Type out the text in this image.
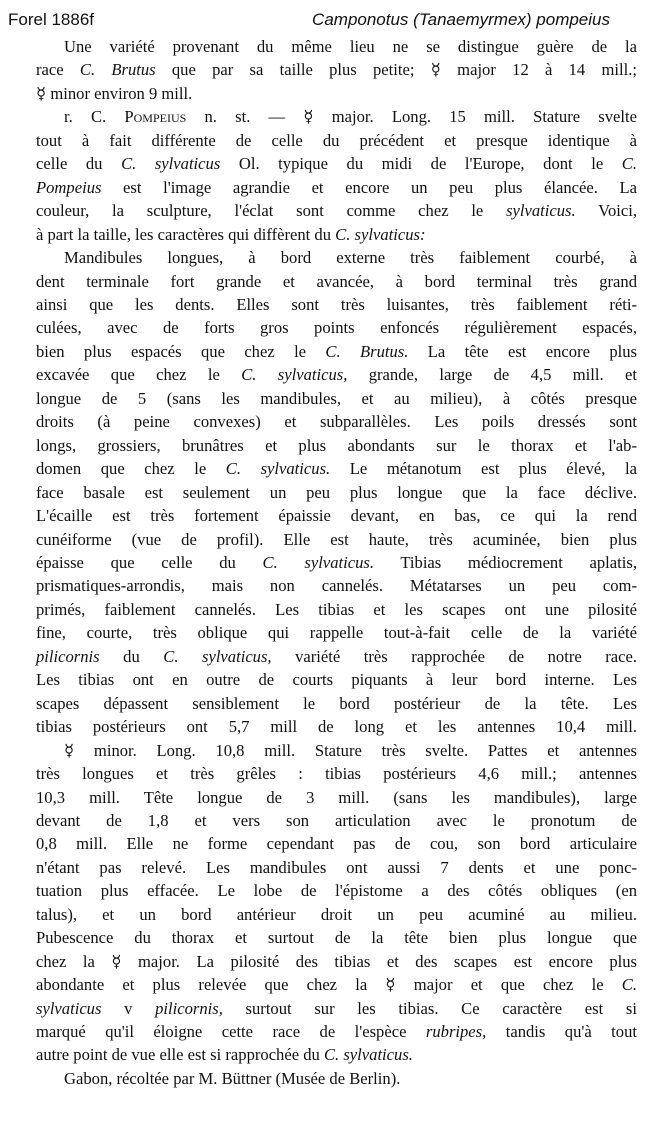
Forel 1886f	Camponotus (Tanaemyrmex) pompeius
Une variété provenant du même lieu ne se distingue guère de la
race C. Brutus que par sa taille plus petite; ☿ major 12 à 14 mill.;
☿ minor environ 9 mill.
r. C. Pompeius n. st. — ☿ major. Long. 15 mill. Stature svelte
tout à fait différente de celle du précédent et presque identique à
celle du C. sylvaticus Ol. typique du midi de l'Europe, dont le C.
Pompeius est l'image agrandie et encore un peu plus élancée. La
couleur, la sculpture, l'éclat sont comme chez le sylvaticus. Voici,
à part la taille, les caractères qui diffèrent du C. sylvaticus:
Mandibules longues, à bord externe très faiblement courbé, à
dent terminale fort grande et avancée, à bord terminal très grand
ainsi que les dents. Elles sont très luisantes, très faiblement réti-
culées, avec de forts gros points enfoncés régulièrement espacés,
bien plus espacés que chez le C. Brutus. La tête est encore plus
excavée que chez le C. sylvaticus, grande, large de 4,5 mill. et
longue de 5 (sans les mandibules, et au milieu), à côtés presque
droits (à peine convexes) et subparallèles. Les poils dressés sont
longs, grossiers, brunâtres et plus abondants sur le thorax et l'ab-
domen que chez le C. sylvaticus. Le métanotum est plus élevé, la
face basale est seulement un peu plus longue que la face déclive.
L'écaille est très fortement épaissie devant, en bas, ce qui la rend
cunéiforme (vue de profil). Elle est haute, très acuminée, bien plus
épaisse que celle du C. sylvaticus. Tibias médiocrement aplatis,
prismatiques-arrondis, mais non cannelés. Métatarses un peu com-
primés, faiblement cannelés. Les tibias et les scapes ont une pilosité
fine, courte, très oblique qui rappelle tout-à-fait celle de la variété
pilicornis du C. sylvaticus, variété très rapprochée de notre race.
Les tibias ont en outre de courts piquants à leur bord interne. Les
scapes dépassent sensiblement le bord postérieur de la tête. Les
tibias postérieurs ont 5,7 mill de long et les antennes 10,4 mill.
☿ minor. Long. 10,8 mill. Stature très svelte. Pattes et antennes
très longues et très grêles : tibias postérieurs 4,6 mill.; antennes
10,3 mill. Tête longue de 3 mill. (sans les mandibules), large
devant de 1,8 et vers son articulation avec le pronotum de
0,8 mill. Elle ne forme cependant pas de cou, son bord articulaire
n'étant pas relevé. Les mandibules ont aussi 7 dents et une ponc-
tuation plus effacée. Le lobe de l'épistome a des côtés obliques (en
talus), et un bord antérieur droit un peu acuminé au milieu.
Pubescence du thorax et surtout de la tête bien plus longue que
chez la ☿ major. La pilosité des tibias et des scapes est encore plus
abondante et plus relevée que chez la ☿ major et que chez le C.
sylvaticus v pilicornis, surtout sur les tibias. Ce caractère est si
marqué qu'il éloigne cette race de l'espèce rubripes, tandis qu'à tout
autre point de vue elle est si rapprochée du C. sylvaticus.
Gabon, récoltée par M. Büttner (Musée de Berlin).
